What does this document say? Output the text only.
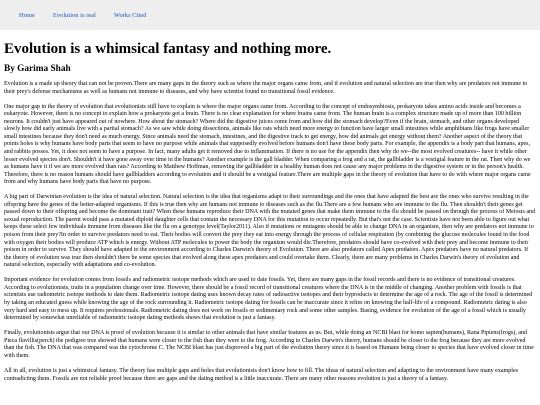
Home	Evolution is real	Works Cited
Evolution is a whimsical fantasy and nothing more.
By Garima Shah

Evolution is a made up theory that can not be proven.There are many gaps in the theory such as where the major organs came from, and if evolution and natural selection are true then why are predators not immune to their prey's defense mechanisms as well as humans not immune to diseases, and why have scientist found no transitional fossil evidence.

One major gap in the theory of evolution that evolutionists still have to explain is where the major organs came from. According to the concept of endosymbiosis, prokaryote takes amino acids inside and becomes a eukaryote. However, there is no concept to explain how a prokaryote got a brain. There is no clear explanation for where brains came from. The human brain is a complex structure made up of more than 100 billion neurons. It couldn't just have appeared out of nowhere. How about the stomach? Where did the digestive juices come from and how did the stomach develop?Even if the brain, stomach, and other organs developed slowly how did early animals live with a partial stomach? As we saw while doing dissections, animals like rats which need more energy to function have larger small intestines while amphibians like frogs have smaller small intestines because they don't need as much energy. Since animals need the stomach, intestines, and the digestive track to get energy, how did animals get energy without them? Another aspect of the theory that points holes is why humans have body parts that seem to have no purpose while animals that supposedly evolved before humans don't have these body parts. For example, the appendix is a body part that humans, apes, and rabbits posses. Yet, it does not seem to have a purpose. In fact, many adults get it removed due to inflammation. If there is no use for the appendix then why do we--the most evolved creatures-- have it while other lesser evolved species don't. Shouldn't it have gone away over time in the humans? Another example is the gall bladder. When comparing a frog and a rat, the gallbladder is a vestigial feature in the rat. Then why do we as humans have it if we are more evolved than rats? According to Matthew Hoffman, removing the gallbladder in a healthy human does not cause any major problems in the digestive system or in the person's health. Therefore, there is no reason humans should have gallbladders according to evolution and it should be a vestigial feature.There are multiple gaps in the theory of evolution that have to do with where major organs came from and why humans have body parts that have no purpose.

A big part of Darwinian evolution is the idea of natural selection. Natural selection is the idea that organisms adapt to their surroundings and the ones that have adapted the best are the ones who survive resulting in the offspring have the genes of the better-adapted organisms. If this is true then why are humans not immune to diseases such as the flu.There are a few humans who are immune to the flu. Then shouldn't their genes get passed down to their offspring and become the dominant trait? When these humans reproduce their DNA with the mutated genes that make them immune to the flu should be passed on through the process of Meiosis and sexual reproduction. The parent would pass a mutated diploid daughter cells that contain the necessary DNA for this mutation to occur repeatedly. But that's not the case. Scientists have not been able to figure out what keeps these select few individuals immune from diseases like the flu on a genotype level(Taylor2011). Also if mutations or mutagens should be able to change DNA in an organism, then why are predators not immune to poison from their prey?In order to survive predators need to eat. Their bodies will convert the prey they eat into energy through the process of cellular respiration (by combining the glucose molecules found in the food with oxygen their bodies will produce ATP which is energy. Without ATP molecules to power the body the organism would die.Therefore, predators should have co-evolved with their prey and become immune to their poison in order to survive. They should have adapted to the environment according to Charles Darwin's theory of Evolution. There are also predators called Apex predators. Apex predators have no natural predators. If the theory of evolution was true then shouldn't there be some species that evolved along these apex predators and could overtake them. Clearly, there are many problems in Charles Darwin's theory of evolution and natural selection, especially with adaptations and co-evolution.

Important evidence for evolution comes from fossils and radiometric isotope methods which are used to date fossils. Yet, there are many gaps in the fossil records and there is no evidence of transitional creatures. According to evolutionists, traits in a population change over time. However, there should be a fossil record of transitional creatures where the DNA is in the middle of changing. Another problem with fossils is that scientists use radiometric isotope methods to date them. Radiometric isotope dating uses known decay rates of radioactive isotopes and their byproducts to determine the age of a rock. The age of the fossil is determined by taking an educated guess while knowing the age of the rock surrounding it. Radiometric isotope dating for fossils can be inaccurate since it relies on knowing the half-life of a compound. Radiometric dating is also very hard and easy to mess up. It requires professionals. Radiometric dating does not work on fossils or sedimentary rock and some other samples. Basing, evidence for evolution of the age of a fossil which is usually determined by somewhat unreliable of radiometric isotope dating methods shows that evolution is just a fantasy.

Finally, evolutionists argue that our DNA is proof of evolution because it is similar to other animals that have similar features as us. But, while doing an NCBI blast for homo sapien(humans), Rana Pipiens(frogs), and Pieca flavillis(perch) the pedigree tree showed that humans were closer to the fish than they were to the frog. According to Charles Darwin's theory, humans should be closer to the frog because they are more evolved than the fish. The DNA that was compared was the cytochrome C. The NCBI blast has just disproved a big part of the evolution theory since it is based on Humans being closer to species that have evolved closer in time with them.

All in all, evolution is just a whimsical fantasy. The theory has multiple gaps and holes that evolutionists don't know how to fill. The ideas of natural selection and adapting to the environment have many examples contradicting them. Fossils are not reliable proof because there are gaps and the dating method is a little inaccurate. There are many other reasons evolution is just a theory of a fantasy.
